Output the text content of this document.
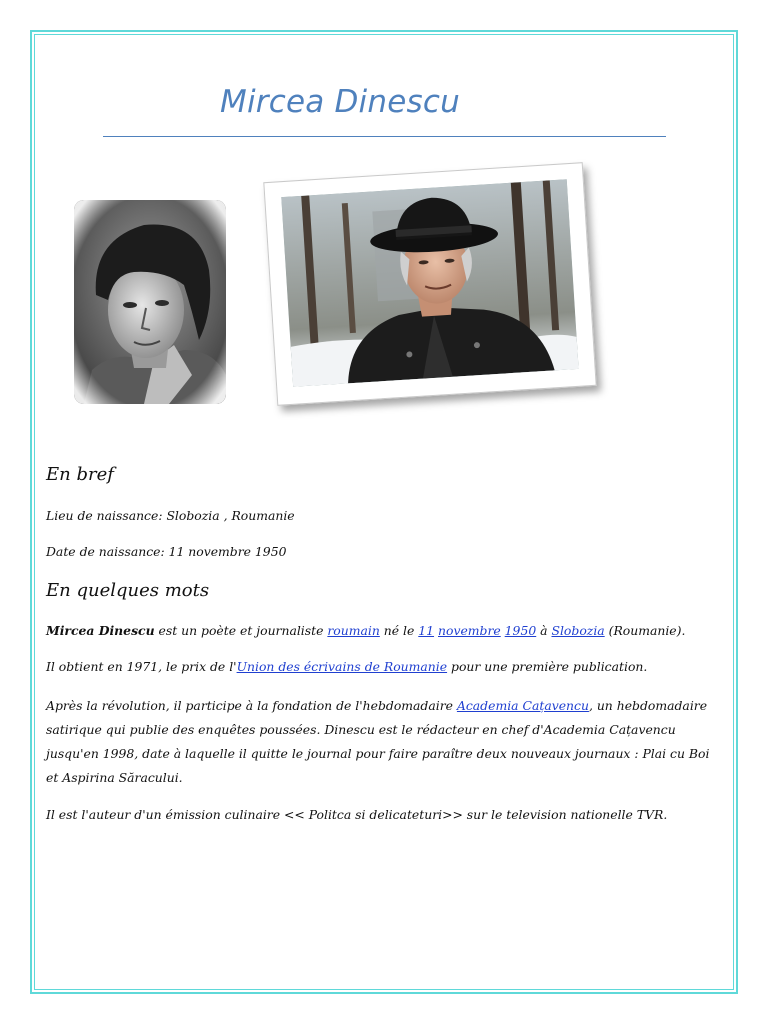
Mircea Dinescu
En bref
Lieu de naissance: Slobozia , Roumanie
Date de naissance: 11 novembre 1950
En quelques mots
Mircea Dinescu est un poète et journaliste roumain né le 11 novembre 1950 à Slobozia (Roumanie).
Il obtient en 1971, le prix de l'Union des écrivains de Roumanie pour une première publication.
Après la révolution, il participe à la fondation de l'hebdomadaire Academia Cațavencu, un hebdomadaire satirique qui publie des enquêtes poussées. Dinescu est le rédacteur en chef d'Academia Cațavencu jusqu'en 1998, date à laquelle il quitte le journal pour faire paraître deux nouveaux journaux : Plai cu Boi et Aspirina Săracului.
Il est l'auteur d'un émission culinaire << Politca si delicateturi>> sur le television nationelle TVR.
